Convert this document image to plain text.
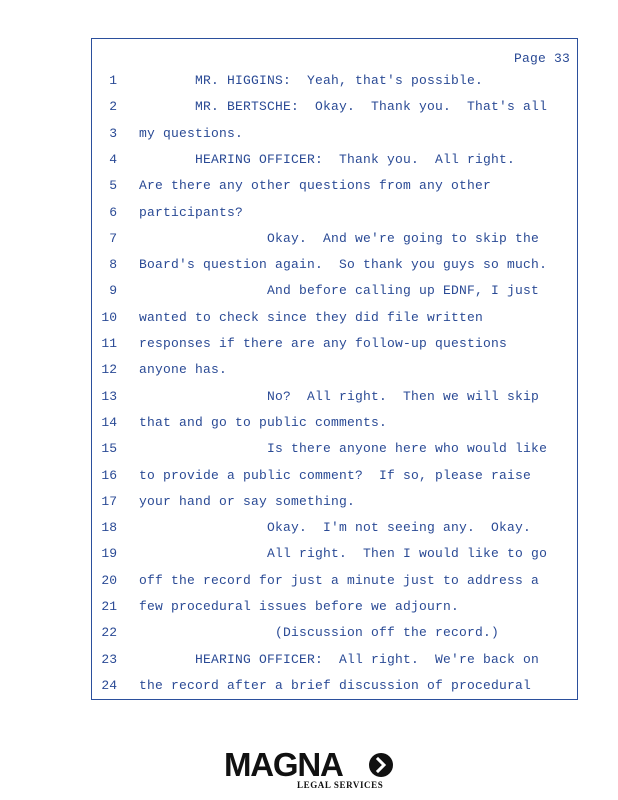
Page 33
1 MR. HIGGINS:  Yeah, that's possible.
2 MR. BERTSCHE:  Okay.  Thank you.  That's all
3 my questions.
4 HEARING OFFICER:  Thank you.  All right.
5 Are there any other questions from any other
6 participants?
7 Okay.  And we're going to skip the
8 Board's question again.  So thank you guys so much.
9 And before calling up EDNF, I just
10 wanted to check since they did file written
11 responses if there are any follow-up questions
12 anyone has.
13 No?  All right.  Then we will skip
14 that and go to public comments.
15 Is there anyone here who would like
16 to provide a public comment?  If so, please raise
17 your hand or say something.
18 Okay.  I'm not seeing any.  Okay.
19 All right.  Then I would like to go
20 off the record for just a minute just to address a
21 few procedural issues before we adjourn.
22 (Discussion off the record.)
23 HEARING OFFICER:  All right.  We're back on
24 the record after a brief discussion of procedural
MAGNA
LEGAL SERVICES
